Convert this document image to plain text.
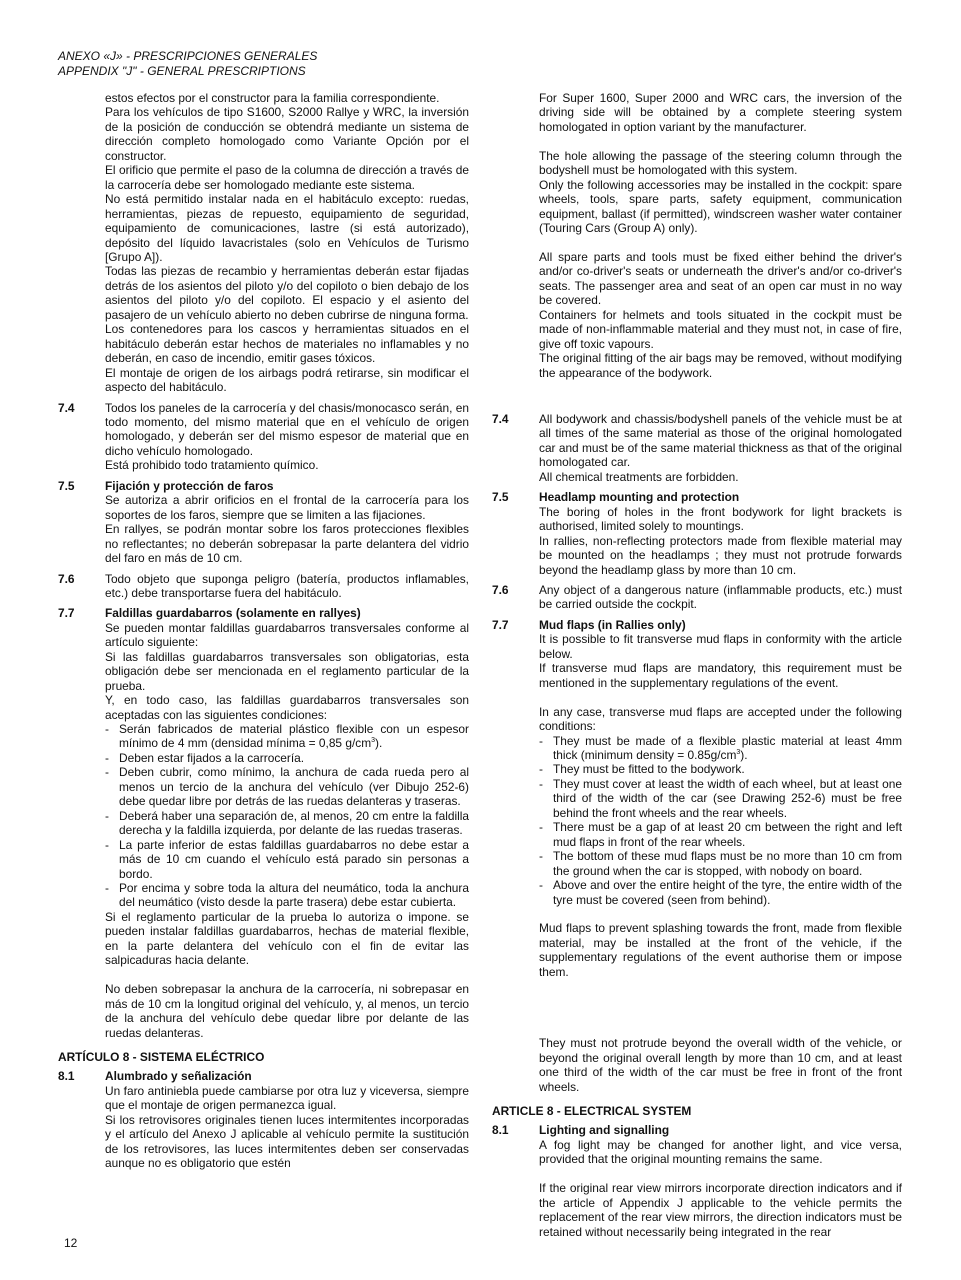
ANEXO «J» - PRESCRIPCIONES GENERALES
APPENDIX "J" - GENERAL PRESCRIPTIONS

estos efectos por el constructor para la familia correspondiente.

Para los vehículos de tipo S1600, S2000 Rallye y WRC, la inversión de la posición de conducción se obtendrá mediante un sistema de dirección completo homologado como Variante Opción por el constructor.

El orificio que permite el paso de la columna de dirección a través de la carrocería debe ser homologado mediante este sistema.

No está permitido instalar nada en el habitáculo excepto: ruedas, herramientas, piezas de repuesto, equipamiento de seguridad, equipamiento de comunicaciones, lastre (si está autorizado), depósito del líquido lavacristales (solo en Vehículos de Turismo [Grupo A]).

Todas las piezas de recambio y herramientas deberán estar fijadas detrás de los asientos del piloto y/o del copiloto o bien debajo de los asientos del piloto y/o del copiloto. El espacio y el asiento del pasajero de un vehículo abierto no deben cubrirse de ninguna forma.

Los contenedores para los cascos y herramientas situados en el habitáculo deberán estar hechos de materiales no inflamables y no deberán, en caso de incendio, emitir gases tóxicos.

El montaje de origen de los airbags podrá retirarse, sin modificar el aspecto del habitáculo.

7.4	Todos los paneles de la carrocería y del chasis/monocasco serán, en todo momento, del mismo material que en el vehículo de origen homologado, y deberán ser del mismo espesor de material que en dicho vehículo homologado.

Está prohibido todo tratamiento químico.

7.5	Fijación y protección de faros

Se autoriza a abrir orificios en el frontal de la carrocería para los soportes de los faros, siempre que se limiten a las fijaciones.

En rallyes, se podrán montar sobre los faros protecciones flexibles no reflectantes; no deberán sobrepasar la parte delantera del vidrio del faro en más de 10 cm.

7.6	Todo objeto que suponga peligro (batería, productos inflamables, etc.) debe transportarse fuera del habitáculo.

7.7	Faldillas guardabarros (solamente en rallyes)

Se pueden montar faldillas guardabarros transversales conforme al artículo siguiente:

Si las faldillas guardabarros transversales son obligatorias, esta obligación debe ser mencionada en el reglamento particular de la prueba.

Y, en todo caso, las faldillas guardabarros transversales son aceptadas con las siguientes condiciones:

- Serán fabricados de material plástico flexible con un espesor mínimo de 4 mm (densidad mínima = 0,85 $g/cm^3$).
- Deben estar fijados a la carrocería.
- Deben cubrir, como mínimo, la anchura de cada rueda pero al menos un tercio de la anchura del vehículo (ver Dibujo 252-6) debe quedar libre por detrás de las ruedas delanteras y traseras.
- Deberá haber una separación de, al menos, 20 cm entre la faldilla derecha y la faldilla izquierda, por delante de las ruedas traseras.
- La parte inferior de estas faldillas guardabarros no debe estar a más de 10 cm cuando el vehículo está parado sin personas a bordo.
- Por encima y sobre toda la altura del neumático, toda la anchura del neumático (visto desde la parte trasera) debe estar cubierta.

Si el reglamento particular de la prueba lo autoriza o impone. se pueden instalar faldillas guardabarros, hechas de material flexible, en la parte delantera del vehículo con el fin de evitar las salpicaduras hacia delante.

No deben sobrepasar la anchura de la carrocería, ni sobrepasar en más de 10 cm la longitud original del vehículo, y, al menos, un tercio de la anchura del vehículo debe quedar libre por delante de las ruedas delanteras.

ARTÍCULO 8 - SISTEMA ELÉCTRICO
8.1	Alumbrado y señalización

Un faro antiniebla puede cambiarse por otra luz y viceversa, siempre que el montaje de origen permanezca igual.

Si los retrovisores originales tienen luces intermitentes incorporadas y el artículo del Anexo J aplicable al vehículo permite la sustitución de los retrovisores, las luces intermitentes deben ser conservadas aunque no es obligatorio que estén

For Super 1600, Super 2000 and WRC cars, the inversion of the driving side will be obtained by a complete steering system homologated in option variant by the manufacturer.

The hole allowing the passage of the steering column through the bodyshell must be homologated with this system.

Only the following accessories may be installed in the cockpit: spare wheels, tools, spare parts, safety equipment, communication equipment, ballast (if permitted), windscreen washer water container (Touring Cars (Group A) only).

All spare parts and tools must be fixed either behind the driver's and/or co-driver's seats or underneath the driver's and/or co-driver's seats. The passenger area and seat of an open car must in no way be covered.

Containers for helmets and tools situated in the cockpit must be made of non-inflammable material and they must not, in case of fire, give off toxic vapours.

The original fitting of the air bags may be removed, without modifying the appearance of the bodywork.

7.4	All bodywork and chassis/bodyshell panels of the vehicle must be at all times of the same material as those of the original homologated car and must be of the same material thickness as that of the original homologated car.

All chemical treatments are forbidden.

7.5	Headlamp mounting and protection

The boring of holes in the front bodywork for light brackets is authorised, limited solely to mountings.

In rallies, non-reflecting protectors made from flexible material may be mounted on the headlamps ; they must not protrude forwards beyond the headlamp glass by more than 10 cm.

7.6	Any object of a dangerous nature (inflammable products, etc.) must be carried outside the cockpit.

7.7	Mud flaps (in Rallies only)

It is possible to fit transverse mud flaps in conformity with the article below.

If transverse mud flaps are mandatory, this requirement must be mentioned in the supplementary regulations of the event.

In any case, transverse mud flaps are accepted under the following conditions:

- They must be made of a flexible plastic material at least 4mm thick (minimum density = $0.85g/cm^3$).
- They must be fitted to the bodywork.
- They must cover at least the width of each wheel, but at least one third of the width of the car (see Drawing 252-6) must be free behind the front wheels and the rear wheels.
- There must be a gap of at least 20 cm between the right and left mud flaps in front of the rear wheels.
- The bottom of these mud flaps must be no more than 10 cm from the ground when the car is stopped, with nobody on board.
- Above and over the entire height of the tyre, the entire width of the tyre must be covered (seen from behind).

Mud flaps to prevent splashing towards the front, made from flexible material, may be installed at the front of the vehicle, if the supplementary regulations of the event authorise them or impose them.

They must not protrude beyond the overall width of the vehicle, or beyond the original overall length by more than 10 cm, and at least one third of the width of the car must be free in front of the front wheels.

ARTICLE 8 - ELECTRICAL SYSTEM
8.1	Lighting and signalling

A fog light may be changed for another light, and vice versa, provided that the original mounting remains the same.

If the original rear view mirrors incorporate direction indicators and if the article of Appendix J applicable to the vehicle permits the replacement of the rear view mirrors, the direction indicators must be retained without necessarily being integrated in the rear

12
